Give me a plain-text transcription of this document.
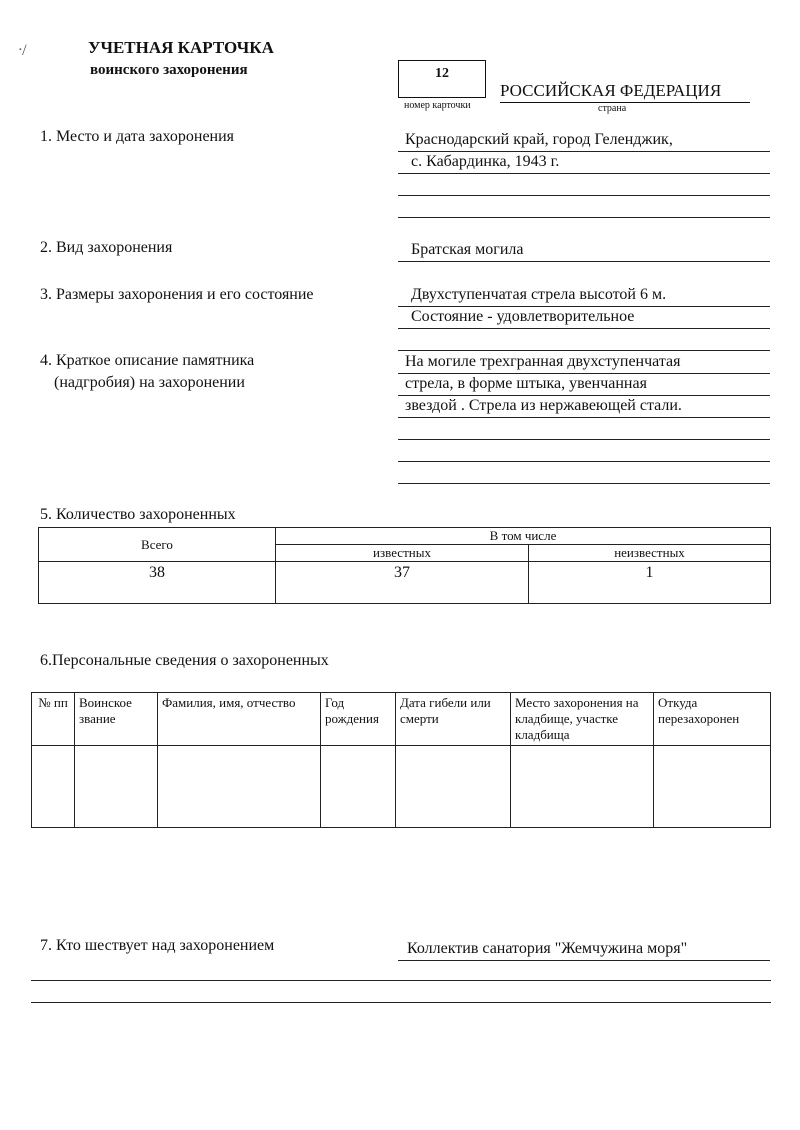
ᐧ/	УЧЕТНАЯ КАРТОЧКА
воинского захоронения	12
номер карточки
РОССИЙСКАЯ ФЕДЕРАЦИЯ
страна
1. Место и дата захоронения	Краснодарский край, город Геленджик,
с. Кабардинка, 1943 г.
2. Вид захоронения	Братская могила
3. Размеры захоронения и его состояние	Двухступенчатая стрела высотой 6 м.
Состояние - удовлетворительное
4. Краткое описание памятника
(надгробия) на захоронении
На могиле трехгранная двухступенчатая
стрела, в форме штыка, увенчанная
звездой . Стрела из нержавеющей стали.
5. Количество захороненных
Всего	В том числе	
	известных	неизвестных
38	37	1
6.Персональные сведения о захороненных
№ пп	Воинское звание	Фамилия, имя, отчество	Год рождения	Дата гибели или смерти	Место захоронения на кладбище, участке кладбища	Откуда перезахоронен

7. Кто шествует над захоронением	Коллектив санатория "Жемчужина моря"
